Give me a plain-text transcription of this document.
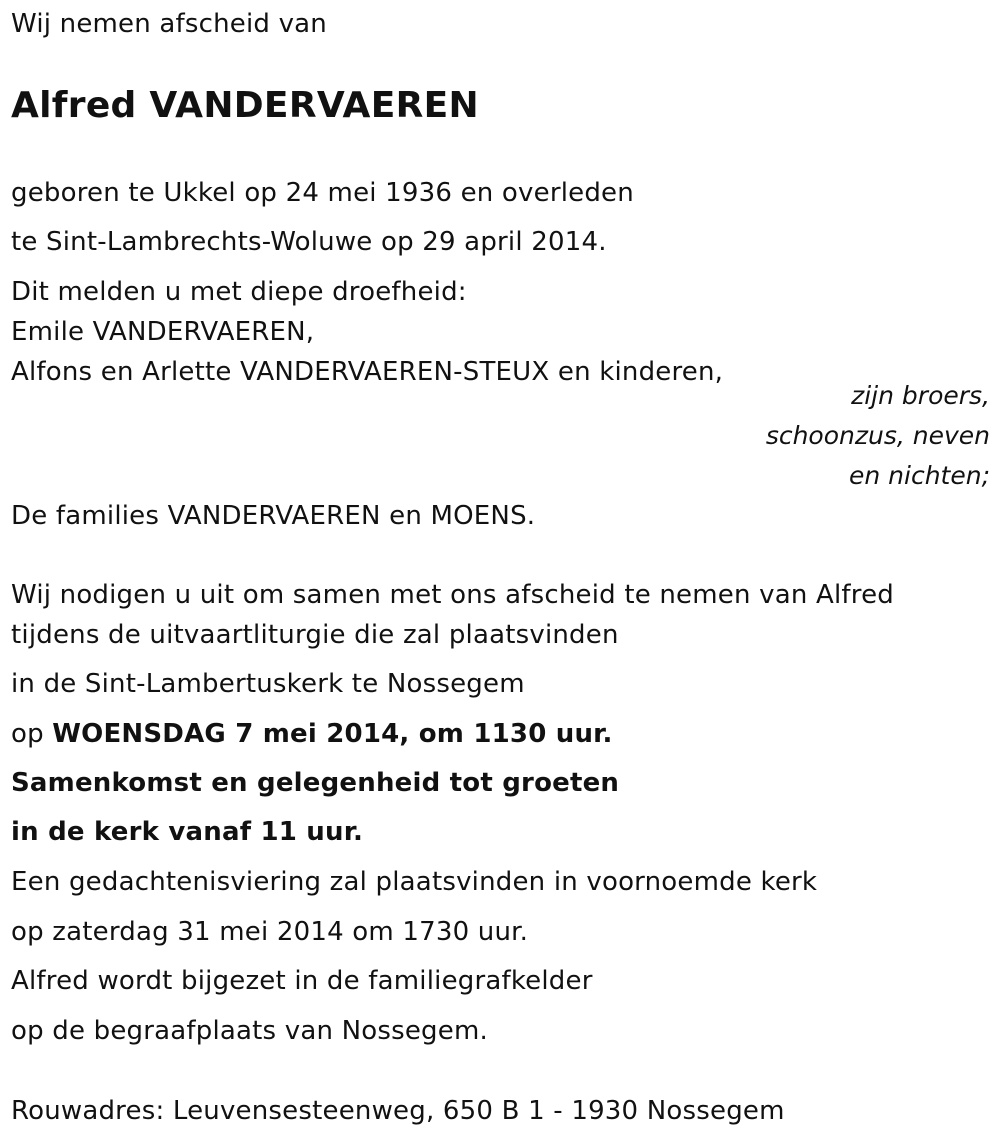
Wij nemen afscheid van
Alfred VANDERVAEREN
geboren te Ukkel op 24 mei 1936 en overleden
te Sint-Lambrechts-Woluwe op 29 april 2014.
Dit melden u met diepe droefheid:
Emile VANDERVAEREN,
Alfons en Arlette VANDERVAEREN-STEUX en kinderen,
zijn broers,
schoonzus, neven
en nichten;
De families VANDERVAEREN en MOENS.
Wij nodigen u uit om samen met ons afscheid te nemen van Alfred
tijdens de uitvaartliturgie die zal plaatsvinden
in de Sint-Lambertuskerk te Nossegem
op WOENSDAG 7 mei 2014, om 1130 uur.
Samenkomst en gelegenheid tot groeten
in de kerk vanaf 11 uur.
Een gedachtenisviering zal plaatsvinden in voornoemde kerk
op zaterdag 31 mei 2014 om 1730 uur.
Alfred wordt bijgezet in de familiegrafkelder
op de begraafplaats van Nossegem.
Rouwadres: Leuvensesteenweg, 650 B 1 - 1930 Nossegem
